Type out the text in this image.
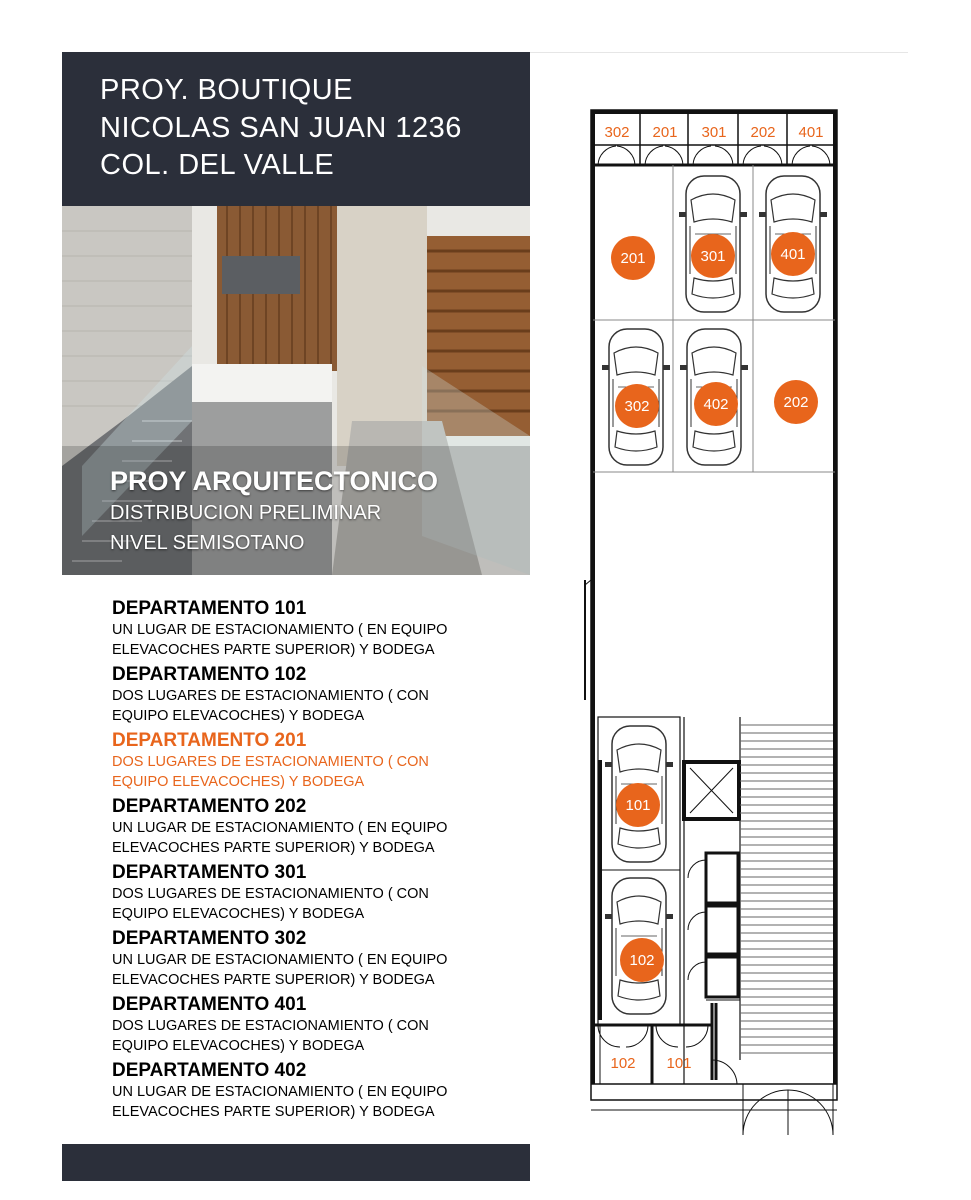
PROY. BOUTIQUE
NICOLAS SAN JUAN 1236
COL. DEL VALLE
PROY ARQUITECTONICO
DISTRIBUCION PRELIMINAR
NIVEL SEMISOTANO
DEPARTAMENTO 101
UN LUGAR DE ESTACIONAMIENTO ( EN EQUIPO
ELEVACOCHES PARTE SUPERIOR) Y BODEGA
DEPARTAMENTO 102
DOS LUGARES DE ESTACIONAMIENTO ( CON
EQUIPO ELEVACOCHES) Y BODEGA
DEPARTAMENTO 201
DOS LUGARES DE ESTACIONAMIENTO ( CON
EQUIPO ELEVACOCHES) Y BODEGA
DEPARTAMENTO 202
UN LUGAR DE ESTACIONAMIENTO ( EN EQUIPO
ELEVACOCHES PARTE SUPERIOR) Y BODEGA
DEPARTAMENTO 301
DOS LUGARES DE ESTACIONAMIENTO ( CON
EQUIPO ELEVACOCHES) Y BODEGA
DEPARTAMENTO 302
UN LUGAR DE ESTACIONAMIENTO ( EN EQUIPO
ELEVACOCHES PARTE SUPERIOR) Y BODEGA
DEPARTAMENTO 401
DOS LUGARES DE ESTACIONAMIENTO ( CON
EQUIPO ELEVACOCHES) Y BODEGA
DEPARTAMENTO 402
UN LUGAR DE ESTACIONAMIENTO ( EN EQUIPO
ELEVACOCHES PARTE SUPERIOR) Y BODEGA
302 201 301 202 401
201	301	401
302	402	202
101
102
102 101
